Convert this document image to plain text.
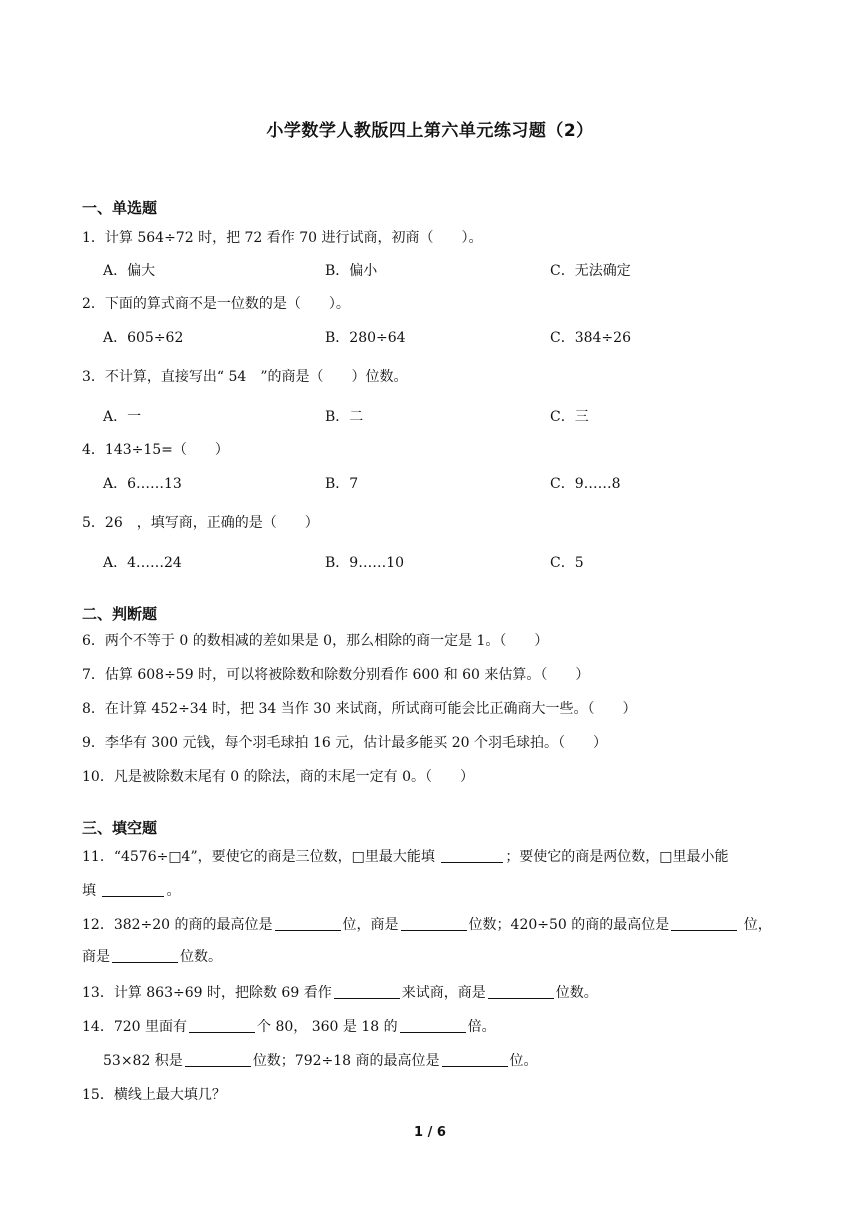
小学数学人教版四上第六单元练习题（2）
一、单选题
1．计算 564÷72 时，把 72 看作 70 进行试商，初商（　　）。
A．偏大	B．偏小	C．无法确定
2．下面的算式商不是一位数的是（　　）。
A．605÷62	B．280÷64	C．384÷26
3．不计算，直接写出“ 54　”的商是（　　）位数。
A．一	B．二	C．三
4．143÷15=（　　）
A．6……13	B．7	C．9……8
5．26　，填写商，正确的是（　　）
A．4……24	B．9……10	C．5
二、判断题
6．两个不等于 0 的数相减的差如果是 0，那么相除的商一定是 1。（　　）
7．估算 608÷59 时，可以将被除数和除数分别看作 600 和 60 来估算。（　　）
8．在计算 452÷34 时，把 34 当作 30 来试商，所试商可能会比正确商大一些。（　　）
9．李华有 300 元钱，每个羽毛球拍 16 元，估计最多能买 20 个羽毛球拍。（　　）
10．凡是被除数末尾有 0 的除法，商的末尾一定有 0。（　　）
三、填空题
11．“4576÷□4”，要使它的商是三位数，□里最大能填	；要使它的商是两位数，□里最小能
填	。
12．382÷20 的商的最高位是	位，商是	位数；420÷50 的商的最高位是	位，
商是	位数。
13．计算 863÷69 时，把除数 69 看作	来试商，商是	位数。
14．720 里面有	个 80， 360 是 18 的	倍。
53×82 积是	位数；792÷18 商的最高位是	位。
15．横线上最大填几？
1 / 6
